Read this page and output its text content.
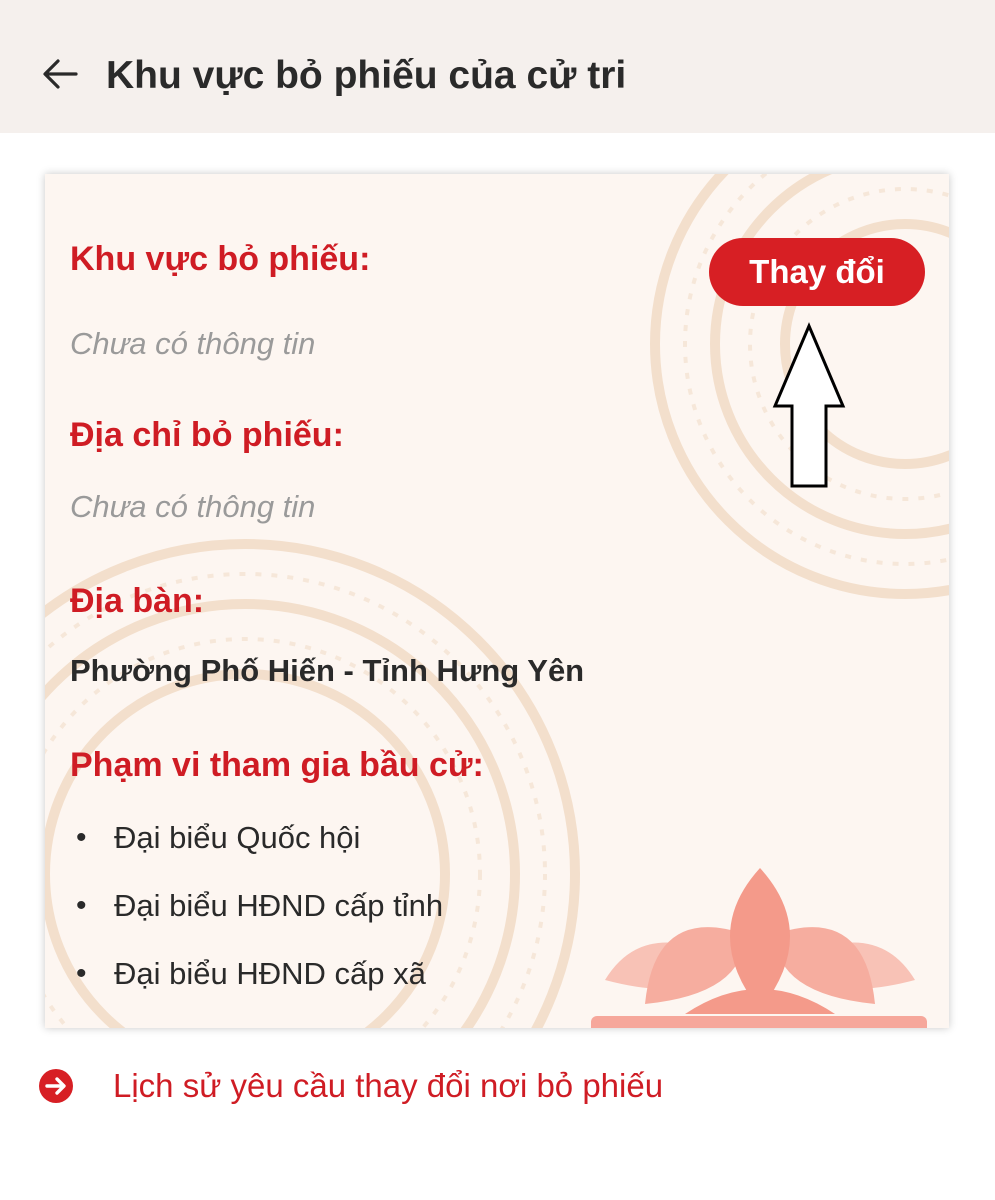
Khu vực bỏ phiếu của cử tri
Khu vực bỏ phiếu:
Chưa có thông tin
Thay đổi
Địa chỉ bỏ phiếu:
Chưa có thông tin
Địa bàn:
Phường Phố Hiến - Tỉnh Hưng Yên
Phạm vi tham gia bầu cử:
• Đại biểu Quốc hội
• Đại biểu HĐND cấp tỉnh
• Đại biểu HĐND cấp xã
Lịch sử yêu cầu thay đổi nơi bỏ phiếu
